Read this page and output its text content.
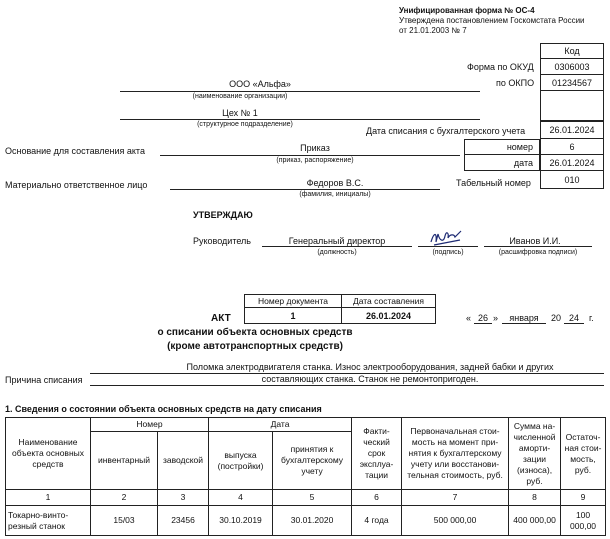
Унифицированная форма № ОС-4
Утверждена постановлением Госкомстата России
от 21.01.2003 № 7
Код
Форма по ОКУД	0306003
по ОКПО	01234567
ООО «Альфа»
(наименование организации)
Цех № 1
(структурное подразделение)
Дата списания с бухгалтерского учета	26.01.2024
Основание для составления акта	Приказ
(приказ, распоряжение)
номер	6
дата	26.01.2024
Материально ответственное лицо	Федоров В.С.
(фамилия, инициалы)
Табельный номер	010
УТВЕРЖДАЮ
Руководитель	Генеральный директор
(должность)	(подпись)
Иванов И.И.
(расшифровка подписи)
Номер документа	Дата составления
1	26.01.2024
АКТ
о списании объекта основных средств
(кроме автотранспортных средств)
« 26 »	января	20 24	г.
Поломка электродвигателя станка. Износ электрооборудования, задней бабки и других
Причина списания	составляющих станка. Станок не ремонтопригоден.
1. Сведения о состоянии объекта основных средств на дату списания
Наименование объекта основных средств	Номер		Дата		Факти-ческий срок эксплуа-тации	Первоначальная стои-мость на момент при-нятия к бухгалтерскому учету или восстанови-тельная стоимость, руб.	Сумма на-численной аморти-зации (износа), руб.	Остаточ-ная стои-мость, руб.
	инвентарный	заводской	выпуска (постройки)	принятия к бухгалтерскому учету				
1	2	3	4	5	6	7	8	9
Токарно-винто-резный станок	15/03	23456	30.10.2019	30.01.2020	4 года	500 000,00	400 000,00	100 000,00
